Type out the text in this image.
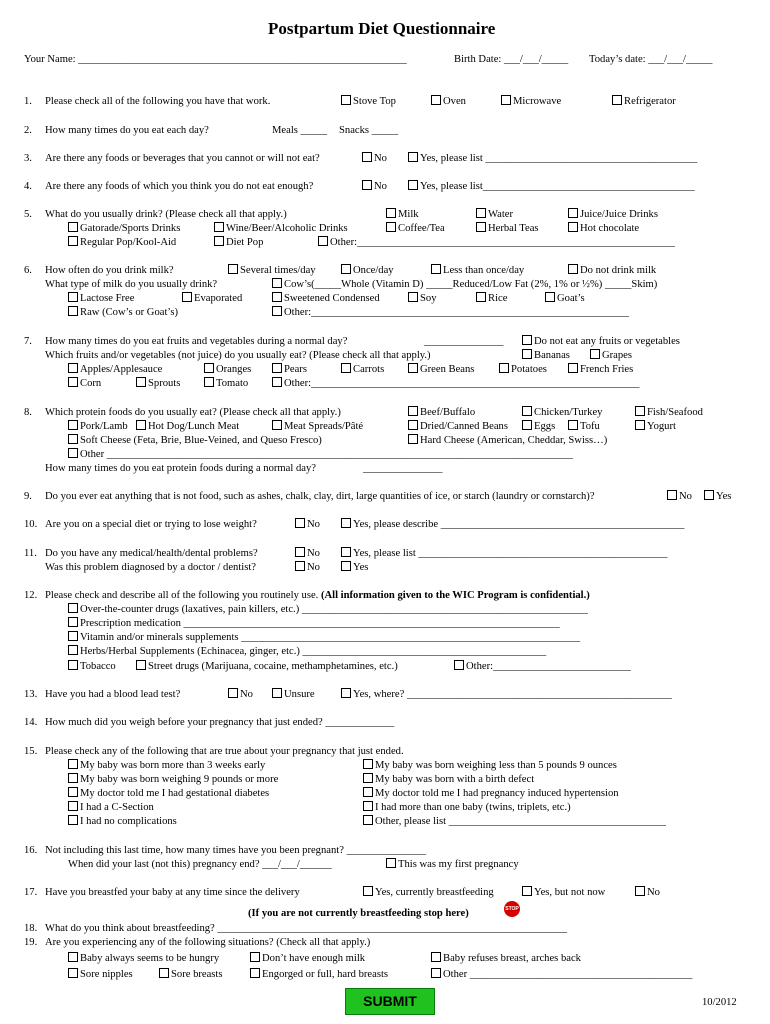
Postpartum Diet Questionnaire
Your Name: ______________________________________________________________	Birth Date: ___/___/_____ Today’s date: ___/___/_____
1. Please check all of the following you have that work.	Stove Top	Oven	Microwave	Refrigerator
2. How many times do you eat each day?	Meals _____ Snacks _____
3. Are there any foods or beverages that you cannot or will not eat?	No	Yes, please list ________________________________________
4. Are there any foods of which you think you do not eat enough?	No	Yes, please list________________________________________
5. What do you usually drink? (Please check all that apply.)	Milk	Water	Juice/Juice Drinks
Gatorade/Sports Drinks	Wine/Beer/Alcoholic Drinks	Coffee/Tea	Herbal Teas	Hot chocolate
Regular Pop/Kool-Aid	Diet Pop	Other:____________________________________________________________
6. How often do you drink milk?	Several times/day	Once/day	Less than once/day	Do not drink milk
What type of milk do you usually drink?	Cow’s(_____Whole (Vitamin D) _____Reduced/Low Fat (2%, 1% or ½%) _____Skim)
Lactose Free	Evaporated	Sweetened Condensed	Soy	Rice	Goat’s
Raw (Cow’s or Goat’s)	Other:____________________________________________________________
7. How many times do you eat fruits and vegetables during a normal day?	_______________	Do not eat any fruits or vegetables
Which fruits and/or vegetables (not juice) do you usually eat? (Please check all that apply.)	Bananas	Grapes
Apples/Applesauce	Oranges	Pears	Carrots	Green Beans	Potatoes	French Fries
Corn	Sprouts	Tomato	Other:______________________________________________________________
8. Which protein foods do you usually eat? (Please check all that apply.)	Beef/Buffalo	Chicken/Turkey	Fish/Seafood
Pork/Lamb	Hot Dog/Lunch Meat	Meat Spreads/Pâté	Dried/Canned Beans	Eggs	Tofu	Yogurt
Soft Cheese (Feta, Brie, Blue-Veined, and Queso Fresco)	Hard Cheese (American, Cheddar, Swiss…)
Other ________________________________________________________________________________________
How many times do you eat protein foods during a normal day?	_______________
9. Do you ever eat anything that is not food, such as ashes, chalk, clay, dirt, large quantities of ice, or starch (laundry or cornstarch)?	No	Yes
10. Are you on a special diet or trying to lose weight?	No	Yes, please describe ______________________________________________
11. Do you have any medical/health/dental problems?	No	Yes, please list _______________________________________________
Was this problem diagnosed by a doctor / dentist?	No	Yes
12. Please check and describe all of the following you routinely use. (All information given to the WIC Program is confidential.)
Over-the-counter drugs (laxatives, pain killers, etc.) ______________________________________________________
Prescription medication _______________________________________________________________________
Vitamin and/or minerals supplements ________________________________________________________________
Herbs/Herbal Supplements (Echinacea, ginger, etc.) ______________________________________________
Tobacco	Street drugs (Marijuana, cocaine, methamphetamines, etc.)	Other:__________________________
13. Have you had a blood lead test?	No	Unsure	Yes, where? __________________________________________________
14. How much did you weigh before your pregnancy that just ended? _____________
15. Please check any of the following that are true about your pregnancy that just ended.
My baby was born more than 3 weeks early	My baby was born weighing less than 5 pounds 9 ounces
My baby was born weighing 9 pounds or more	My baby was born with a birth defect
My doctor told me I had gestational diabetes	My doctor told me I had pregnancy induced hypertension
I had a C-Section	I had more than one baby (twins, triplets, etc.)
I had no complications	Other, please list _________________________________________
16. Not including this last time, how many times have you been pregnant? _______________
When did your last (not this) pregnancy end? ___/___/______	This was my first pregnancy
17. Have you breastfed your baby at any time since the delivery	Yes, currently breastfeeding	Yes, but not now	No
(If you are not currently breastfeeding stop here)	STOP
18. What do you think about breastfeeding? __________________________________________________________________
19. Are you experiencing any of the following situations? (Check all that apply.)
Baby always seems to be hungry	Don’t have enough milk	Baby refuses breast, arches back
Sore nipples	Sore breasts	Engorged or full, hard breasts	Other __________________________________________
SUBMIT	10/2012
